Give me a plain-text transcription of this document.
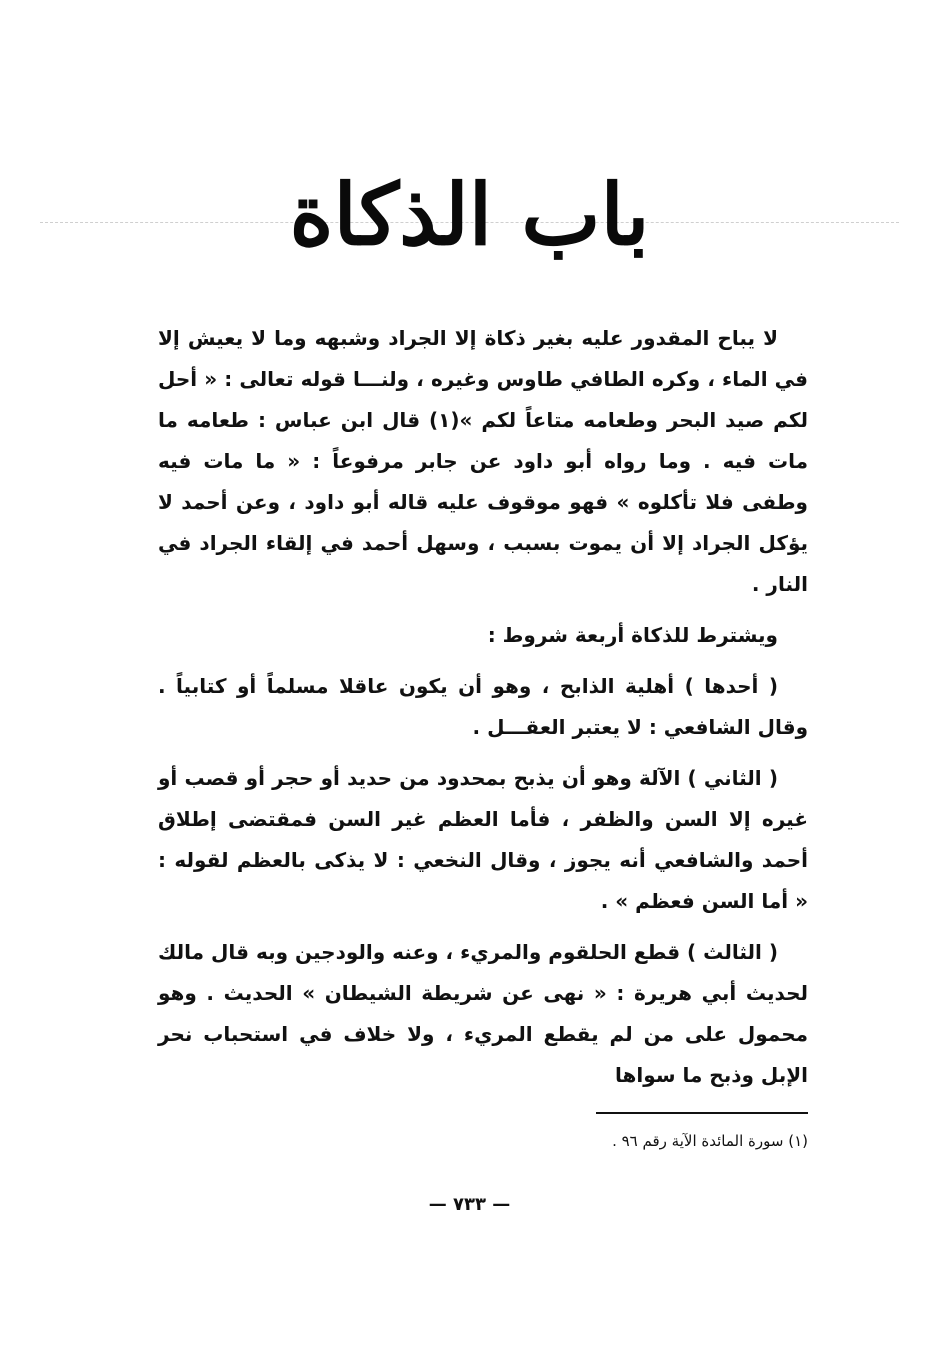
باب الذكاة

لا يباح المقدور عليه بغير ذكاة إلا الجراد وشبهه وما لا يعيش إلا في الماء ، وكره الطافي طاوس وغيره ، ولنـــا قوله تعالى : « أحل لكم صيد البحر وطعامه متاعاً لكم »(١) قال ابن عباس : طعامه ما مات فيه . وما رواه أبو داود عن جابر مرفوعاً : « ما مات فيه وطفى فلا تأكلوه » فهو موقوف عليه قاله أبو داود ، وعن أحمد لا يؤكل الجراد إلا أن يموت بسبب ، وسهل أحمد في إلقاء الجراد في النار .

ويشترط للذكاة أربعة شروط :

( أحدها ) أهلية الذابح ، وهو أن يكون عاقلا مسلماً أو كتابياً . وقال الشافعي : لا يعتبر العقـــل .

( الثاني ) الآلة وهو أن يذبح بمحدود من حديد أو حجر أو قصب أو غيره إلا السن والظفر ، فأما العظم غير السن فمقتضى إطلاق أحمد والشافعي أنه يجوز ، وقال النخعي : لا يذكى بالعظم لقوله : « أما السن فعظم » .

( الثالث ) قطع الحلقوم والمريء ، وعنه والودجين وبه قال مالك لحديث أبي هريرة : « نهى عن شريطة الشيطان » الحديث . وهو محمول على من لم يقطع المريء ، ولا خلاف في استحباب نحر الإبل وذبح ما سواها

(١) سورة المائدة الآية رقم ٩٦ .
— ٧٣٣ —
